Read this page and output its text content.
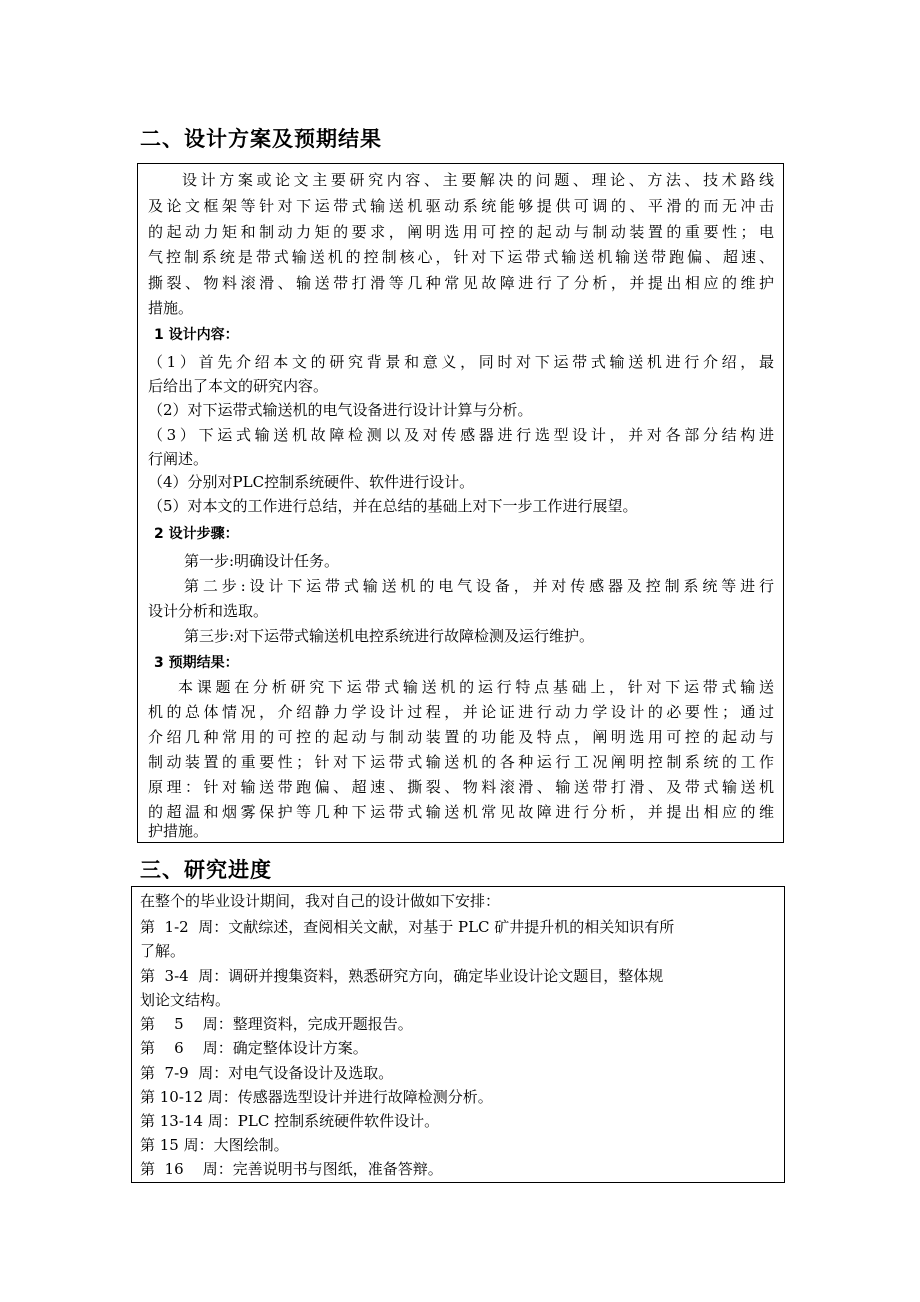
二、设计方案及预期结果
设计方案或论文主要研究内容、主要解决的问题、理论、方法、技术路线
及论文框架等针对下运带式输送机驱动系统能够提供可调的、平滑的而无冲击
的起动力矩和制动力矩的要求，阐明选用可控的起动与制动装置的重要性；电
气控制系统是带式输送机的控制核心，针对下运带式输送机输送带跑偏、超速、
撕裂、物料滚滑、输送带打滑等几种常见故障进行了分析，并提出相应的维护
措施。
1 设计内容：
（1）首先介绍本文的研究背景和意义，同时对下运带式输送机进行介绍，最
后给出了本文的研究内容。
（2）对下运带式输送机的电气设备进行设计计算与分析。
（3）下运式输送机故障检测以及对传感器进行选型设计，并对各部分结构进
行阐述。
（4）分别对PLC控制系统硬件、软件进行设计。
（5）对本文的工作进行总结，并在总结的基础上对下一步工作进行展望。
2 设计步骤：
第一步:明确设计任务。
第二步:设计下运带式输送机的电气设备，并对传感器及控制系统等进行
设计分析和选取。
第三步:对下运带式输送机电控系统进行故障检测及运行维护。
3 预期结果：
本课题在分析研究下运带式输送机的运行特点基础上，针对下运带式输送
机的总体情况，介绍静力学设计过程，并论证进行动力学设计的必要性；通过
介绍几种常用的可控的起动与制动装置的功能及特点，阐明选用可控的起动与
制动装置的重要性；针对下运带式输送机的各种运行工况阐明控制系统的工作
原理：针对输送带跑偏、超速、撕裂、物料滚滑、输送带打滑、及带式输送机
的超温和烟雾保护等几种下运带式输送机常见故障进行分析，并提出相应的维
护措施。
三、研究进度
在整个的毕业设计期间，我对自己的设计做如下安排：
第  1-2  周：文献综述，查阅相关文献，对基于 PLC 矿井提升机的相关知识有所
了解。
第  3-4  周：调研并搜集资料，熟悉研究方向，确定毕业设计论文题目，整体规
划论文结构。
第    5    周：整理资料，完成开题报告。
第    6    周：确定整体设计方案。
第  7-9  周：对电气设备设计及选取。
第 10-12 周：传感器选型设计并进行故障检测分析。
第 13-14 周：PLC 控制系统硬件软件设计。
第 15 周：大图绘制。
第  16    周：完善说明书与图纸，准备答辩。
